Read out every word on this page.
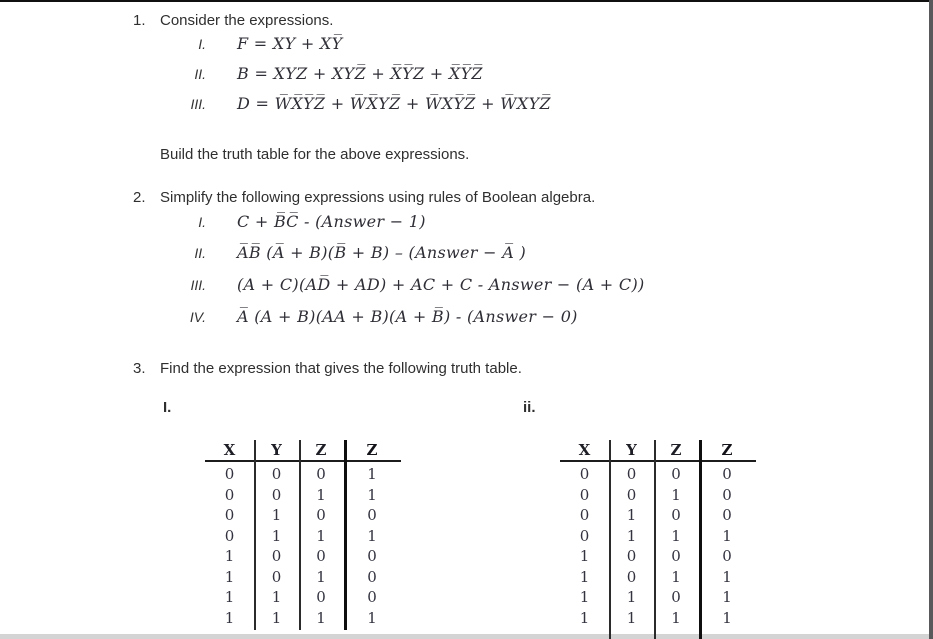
1. Consider the expressions.
I. F = XY + XY̅
II. B = XYZ + XYZ̅ + X̅Y̅Z + X̅Y̅Z̅
III. D = W̅X̅Y̅Z̅ + W̅X̅YZ̅ + W̅XY̅Z̅ + W̅XYZ̅
Build the truth table for the above expressions.
2. Simplify the following expressions using rules of Boolean algebra.
I. C + B̅C̅ - (Answer − 1)
II. A̅B̅ (A̅ + B)(B̅ + B) – (Answer − A̅ )
III. (A + C)(AD̅ + AD) + AC + C - Answer − (A + C))
IV. A̅ (A + B)(AA + B)(A + B̅) - (Answer − 0)
3. Find the expression that gives the following truth table.
I.	ii.
X	Y	Z	Z
0	0	0	1
0	0	1	1
0	1	0	0
0	1	1	1
1	0	0	0
1	0	1	0
1	1	0	0
1	1	1	1
X	Y	Z	Z
0	0	0	0
0	0	1	0
0	1	0	0
0	1	1	1
1	0	0	0
1	0	1	1
1	1	0	1
1	1	1	1
